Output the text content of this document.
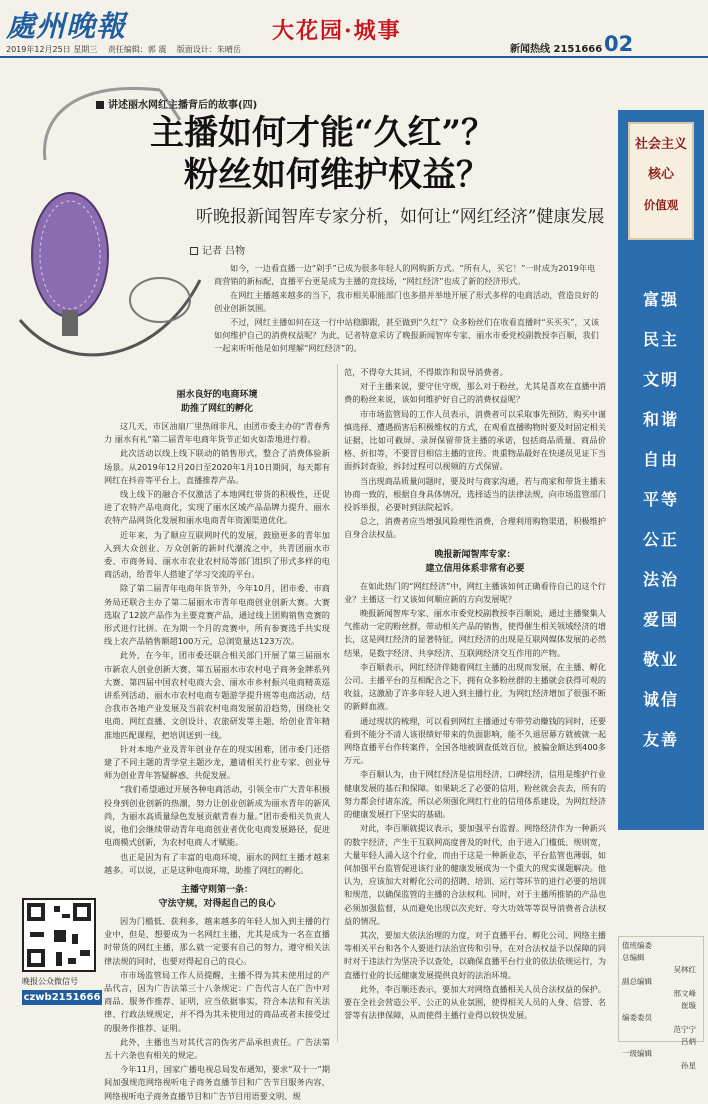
處州晚報	大花园·城事
2019年12月25日 星期三 责任编辑：郭 震 版面设计：朱晴岳	新闻热线 2151666 02
讲述丽水网红主播背后的故事(四)
主播如何才能“久红”？
粉丝如何维护权益？
听晚报新闻智库专家分析，如何让“网红经济”健康发展
记者 吕物

如今，一边看直播一边“剁手”已成为很多年轻人的网购新方式。“所有人，买它！”一时成为2019年电商营销的新标配，直播平台更是成为主播的竞技场，“网红经济”也成了新的经济形式。

在网红主播越来越多的当下，我市相关职能部门也多措并举地开展了形式多样的电商活动，营造良好的创业创新氛围。

不过，网红主播如何在这一行中站稳脚跟，甚至做到“久红”？众多粉丝们在收看直播时“买买买”，又该如何维护自己的消费权益呢？为此，记者特意采访了晚报新闻智库专家、丽水市委党校副教授李百顺，我们一起来听听他是如何理解“网红经济”的。

丽水良好的电商环境
助推了网红的孵化

这几天，市区油扇厂里热闹非凡，由团市委主办的“青春秀力 丽水有礼”第二届青年电商年货节正如火如荼地进行着。

此次活动以线上线下联动的销售形式，整合了消费体验新场景。从2019年12月20日至2020年1月10日期间，每天都有网红在抖音等平台上，直播推荐产品。

线上线下的融合不仅激活了本地网红带货的积极性，还促进了农特产品电商化，实现了丽水区域产品品牌力提升、丽水农特产品网货化发展和丽水电商青年资源渠道优化。

近年来，为了顺应互联网时代的发展，鼓励更多的青年加入到大众创业、万众创新的新时代潮流之中，共青团丽水市委、市商务局、丽水市农业农村局等部门组织了形式多样的电商活动，给青年人搭建了学习交流的平台。

除了第二届青年电商年货节外，今年10月，团市委、市商务局还联合主办了第二届丽水市青年电商创业创新大赛。大赛选取了12款产品作为主要竞赛产品，通过线上团购销售竞赛的形式进行比拼。在为期一个月的竞赛中，所有参赛选手共实现线上农产品销售额超100万元，总浏览量达123万次。

此外，在今年，团市委还联合相关部门开展了第三届丽水市新农人创业创新大赛、第五届丽水市农村电子商务金牌系列大赛、第四届中国农村电商大会、丽水市乡村振兴电商精英巡讲系列活动、丽水市农村电商专题游学提升班等电商活动，结合我市各地产业发展及当前农村电商发展前沿趋势，围绕社交电商、网红直播、文创设计、农旅研发等主题，给创业青年精准地匹配课程，把培训送到一线。

针对本地产业及青年创业存在的现实困难，团市委门还搭建了不同主题的青学堂主题沙龙，邀请相关行业专家、创业导师为创业青年答疑解惑、共促发展。

“我们希望通过开展各种电商活动，引领全市广大青年积极投身到创业创新的热潮，努力让创业创新成为丽水青年的新风尚，为丽水高质量绿色发展贡献青春力量。”团市委相关负责人说，他们会继续带动青年电商创业者优化电商发展路径，促进电商模式创新，为农村电商人才赋能。

也正是因为有了丰富的电商环境，丽水的网红主播才越来越多。可以说，正是这种电商环境，助推了网红的孵化。

主播守则第一条：
守法守规，对得起自己的良心

因为门槛低、获利多，越来越多的年轻人加入到主播的行业中，但是，想要成为一名网红主播，尤其是成为一名在直播时带货的网红主播，那么就一定要有自己的努力，遵守相关法律法规的同时，也要对得起自己的良心。

市市场监管局工作人员提醒，主播不得为其未使用过的产品代言，因为广告法第三十八条规定：广告代言人在广告中对商品、服务作推荐、证明，应当依据事实，符合本法和有关法律、行政法规规定，并不得为其未使用过的商品或者未接受过的服务作推荐、证明。

此外，主播也当对其代言的伪劣产品承担责任。广告法第五十六条也有相关的规定。

今年11月，国家广播电视总局发布通知，要求“双十一”期间加强规范网络视听电子商务直播节目和广告节目服务内容，网络视听电子商务直播节目和广告节目用语要文明、规

范，不得夸大其词，不得欺诈和误导消费者。

对于主播来说，要守住守规，那么对于粉丝，尤其是喜欢在直播中消费的粉丝来说，该如何维护好自己的消费权益呢？

市市场监管局的工作人员表示，消费者可以采取事先预防、购买中谨慎选择、遭遇损害后积极维权的方式，在观看直播购物时要及时固定相关证据，比如可截屏、录屏保留带货主播的承诺，包括商品质量、商品价格、折扣等，不要冒目相信主播的宣传。贵重物品最好在快递员见证下当面拆封查验，拆封过程可以视频的方式保留。

当出现商品质量问题时，要及时与商家沟通，若与商家和带货主播未协商一致的，根据自身具体情况，选择适当的法律法规，向市场监管部门投诉举报，必要时到法院起诉。

总之，消费者应当增强风险理性消费，合理利用购物渠道，积极维护自身合法权益。

晚报新闻智库专家：
建立信用体系非常有必要

在如此热门的“网红经济”中，网红主播该如何正确看待自己的这个行业？主播这一行又该如何顺应新的方向发展呢？

晚报新闻智库专家、丽水市委党校副教授李百顺说，通过主播聚集人气推动一定的粉丝群，带动相关产品的销售，使得催生相关领域经济的增长，这是网红经济的显著特征，网红经济的出现是互联网媒体发展的必然结果，是数字经济、共享经济、互联网经济交互作用的产物。

李百顺表示，网红经济伴随着网红主播的出现而发展，在主播、孵化公司、主播平台的互相配合之下，拥有众多粉丝群的主播就会获得可观的收益，这激励了许多年轻人进入到主播行业，为网红经济增加了很强不断的新鲜血液。

通过现状的梳理，可以看到网红主播通过专带劳动赚钱的同时，还要看到不能分不清人该很绩好带来的负面影响，能不久退居幕方就被就一起网络直播平台作转案件，全国各地被调查低效百位，被骗金额达到400多万元。

李百顺认为，由于网红经济是信用经济、口碑经济，信用是维护行业健康发展的基石和保障。如果缺乏了必要的信用，粉丝就会丧去，所有的努力都会付诸东流，所以必须强化网红行业的信用体系建设，为网红经济的健康发展打下坚实的基础。

对此，李百顺就提议表示，要加强平台监督。网络经济作为一种新兴的数字经济，产生于互联网高度普及的时代，由于进入门槛低、规则宽，大量年轻人涌入这个行业，而由于这是一种新业态，平台监管也薄弱，如何加强平台监管促进该行业的健康发展成为一个重大的现实课题解决。他认为，应该加大对孵化公司的招聘、培训、运行等环节的进行必要的培训和规范，以确保监管的主播的合法权利。同时，对于主播所推销的产品也必须加强监督，从而避免出现以次充好、夸大功效等等误导消费者合法权益的情况。

其次，要加大依法治理的力度，对于直播平台、孵化公司、网络主播等相关平台和各个人要进行法治宣传和引导，在对合法权益予以保障的同时对于违法行为坚决予以查处，以确保直播平台行业的依法依规运行，为直播行业的长远健康发展提供良好的法治环境。

此外，李百顺还表示，要加大对网络直播相关人员合法权益的保护。要在全社会营造公平、公正的从业氛围，使得相关人员的人身、信誉、名誉等有法律保障，从而使得主播行业得以较快发展。

晚报公众微信号
czwb2151666
社会主义
核心
价值观
富强
民主
文明
和谐
自由
平等
公正
法治
爱国
敬业
诚信
友善
值班编委
总编辑
吴林红
副总编辑
邢文峰
崔璇
编委委员
范宁宁
吕炳
一级编辑
孙星
